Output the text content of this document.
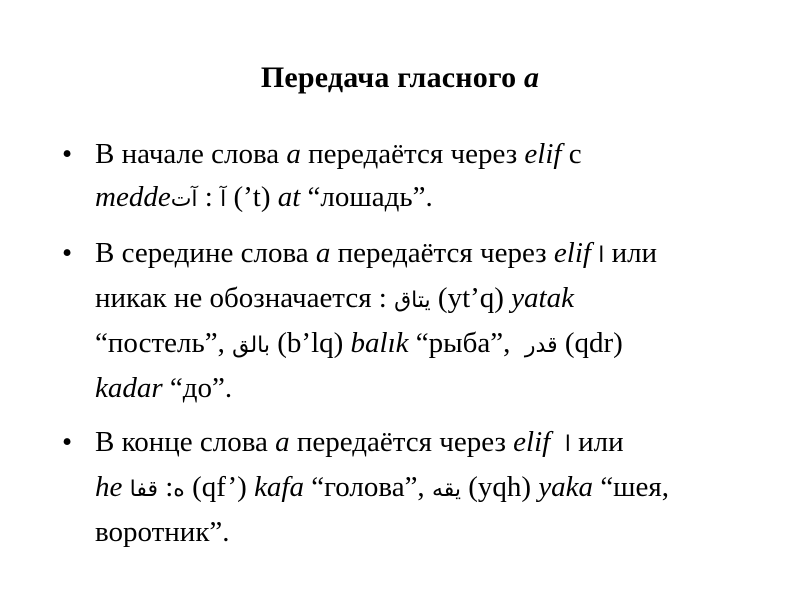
Передача гласного a
• В начале слова a передаётся через elif с
meddeآت : آ (’t) at “лошадь”.
• В середине слова a передаётся через elif ا или
никак не обозначается : يتاق (yt’q) yatak
“постель”, بالق (b’lq) balık “рыба”, قدر (qdr)
kadar “до”.
• В конце слова a передаётся через elif ا или
he قفا :ه (qf’) kafa “голова”, يقه (yqh) yaka “шея,
воротник”.
